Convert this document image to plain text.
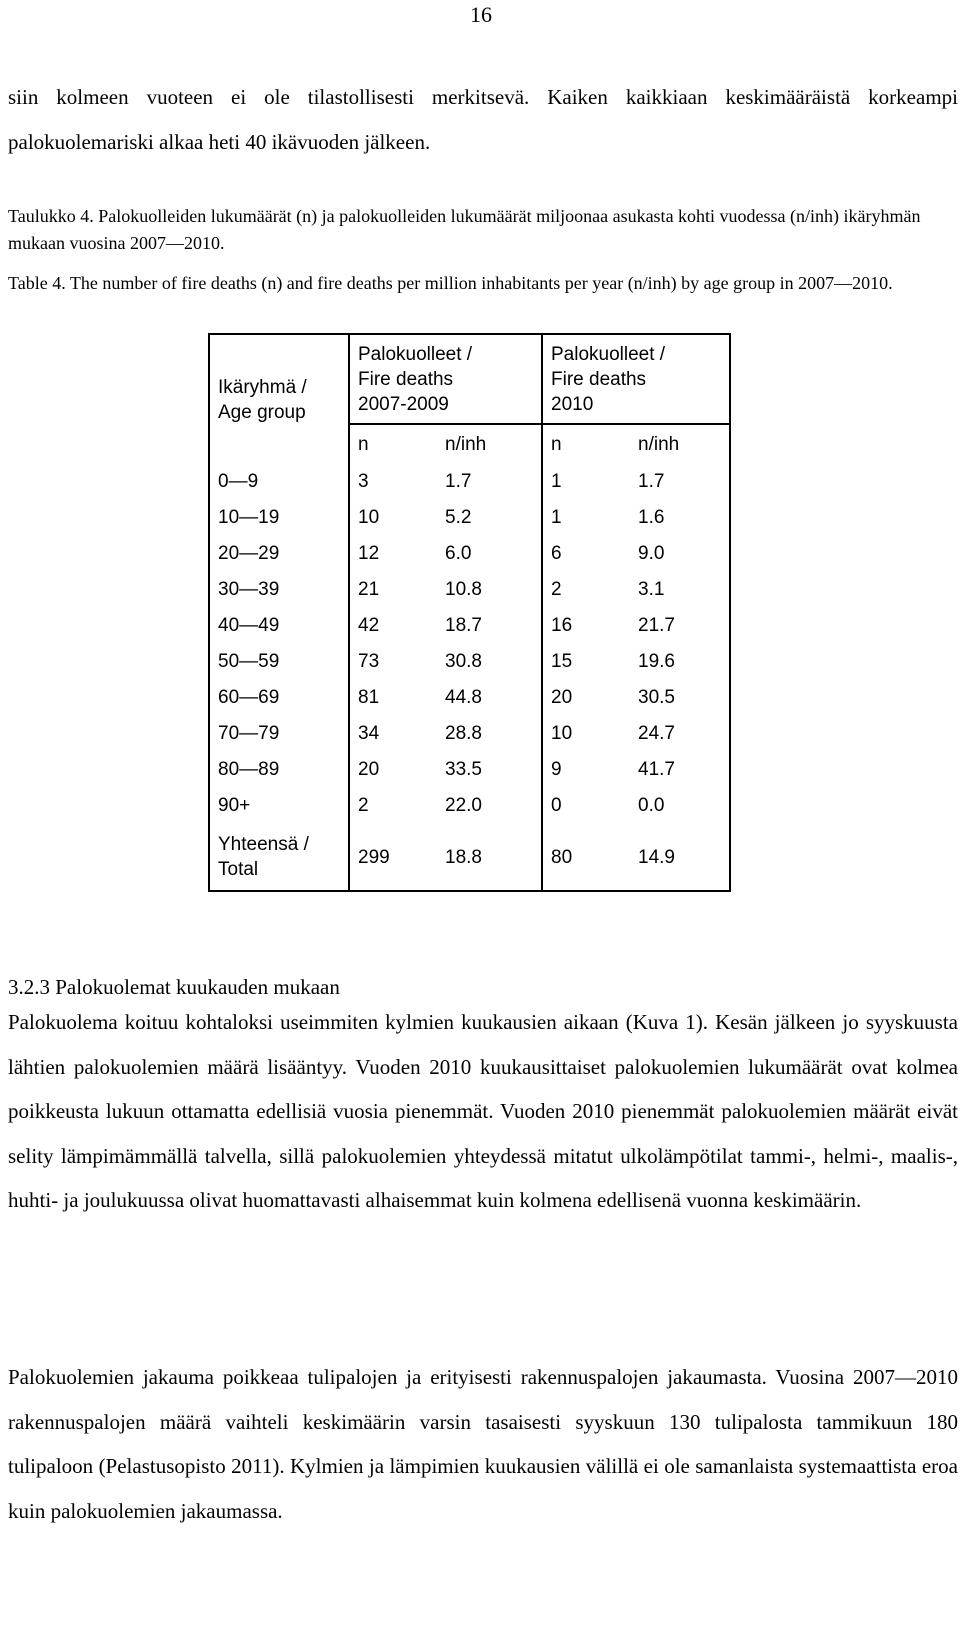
16

siin kolmeen vuoteen ei ole tilastollisesti merkitsevä. Kaiken kaikkiaan keskimääräistä korkeampi palokuolemariski alkaa heti 40 ikävuoden jälkeen.

Taulukko 4. Palokuolleiden lukumäärät (n) ja palokuolleiden lukumäärät miljoonaa asukasta kohti vuodessa (n/inh) ikäryhmän mukaan vuosina 2007—2010.

Table 4. The number of fire deaths (n) and fire deaths per million inhabitants per year (n/inh) by age group in 2007—2010.

Ikäryhmä /
Age group	Palokuolleet /
Fire deaths
2007-2009		Palokuolleet /
Fire deaths
2010	
	n	n/inh	n	n/inh
0—9	3	1.7	1	1.7
10—19	10	5.2	1	1.6
20—29	12	6.0	6	9.0
30—39	21	10.8	2	3.1
40—49	42	18.7	16	21.7
50—59	73	30.8	15	19.6
60—69	81	44.8	20	30.5
70—79	34	28.8	10	24.7
80—89	20	33.5	9	41.7
90+	2	22.0	0	0.0
Yhteensä /
Total	299	18.8	80	14.9
3.2.3 Palokuolemat kuukauden mukaan

Palokuolema koituu kohtaloksi useimmiten kylmien kuukausien aikaan (Kuva 1). Kesän jälkeen jo syyskuusta lähtien palokuolemien määrä lisääntyy. Vuoden 2010 kuukausittaiset palokuolemien lukumäärät ovat kolmea poikkeusta lukuun ottamatta edellisiä vuosia pienemmät. Vuoden 2010 pienemmät palokuolemien määrät eivät selity lämpimämmällä talvella, sillä palokuolemien yhteydessä mitatut ulkolämpötilat tammi-, helmi-, maalis-, huhti- ja joulukuussa olivat huomattavasti alhaisemmat kuin kolmena edellisenä vuonna keskimäärin.

Palokuolemien jakauma poikkeaa tulipalojen ja erityisesti rakennuspalojen jakaumasta. Vuosina 2007—2010 rakennuspalojen määrä vaihteli keskimäärin varsin tasaisesti syyskuun 130 tulipalosta tammikuun 180 tulipaloon (Pelastusopisto 2011). Kylmien ja lämpimien kuukausien välillä ei ole samanlaista systemaattista eroa kuin palokuolemien jakaumassa.
